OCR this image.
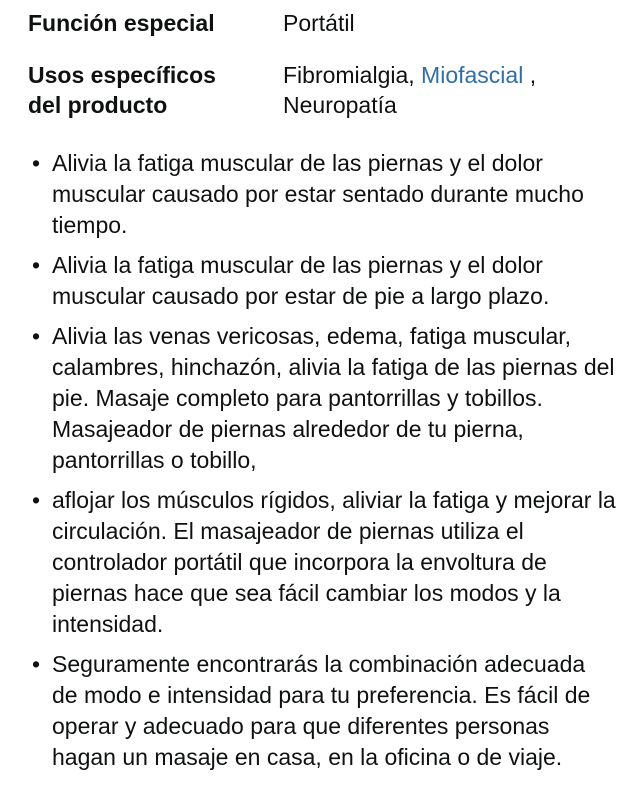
Función especial	Portátil
Usos específicos del producto
Fibromialgia, Miofascial , Neuropatía
• Alivia la fatiga muscular de las piernas y el dolor muscular causado por estar sentado durante mucho tiempo.
• Alivia la fatiga muscular de las piernas y el dolor muscular causado por estar de pie a largo plazo.
• Alivia las venas vericosas, edema, fatiga muscular, calambres, hinchazón, alivia la fatiga de las piernas del pie. Masaje completo para pantorrillas y tobillos. Masajeador de piernas alrededor de tu pierna, pantorrillas o tobillo,
• aflojar los músculos rígidos, aliviar la fatiga y mejorar la circulación. El masajeador de piernas utiliza el controlador portátil que incorpora la envoltura de piernas hace que sea fácil cambiar los modos y la intensidad.
• Seguramente encontrarás la combinación adecuada de modo e intensidad para tu preferencia. Es fácil de operar y adecuado para que diferentes personas hagan un masaje en casa, en la oficina o de viaje.
